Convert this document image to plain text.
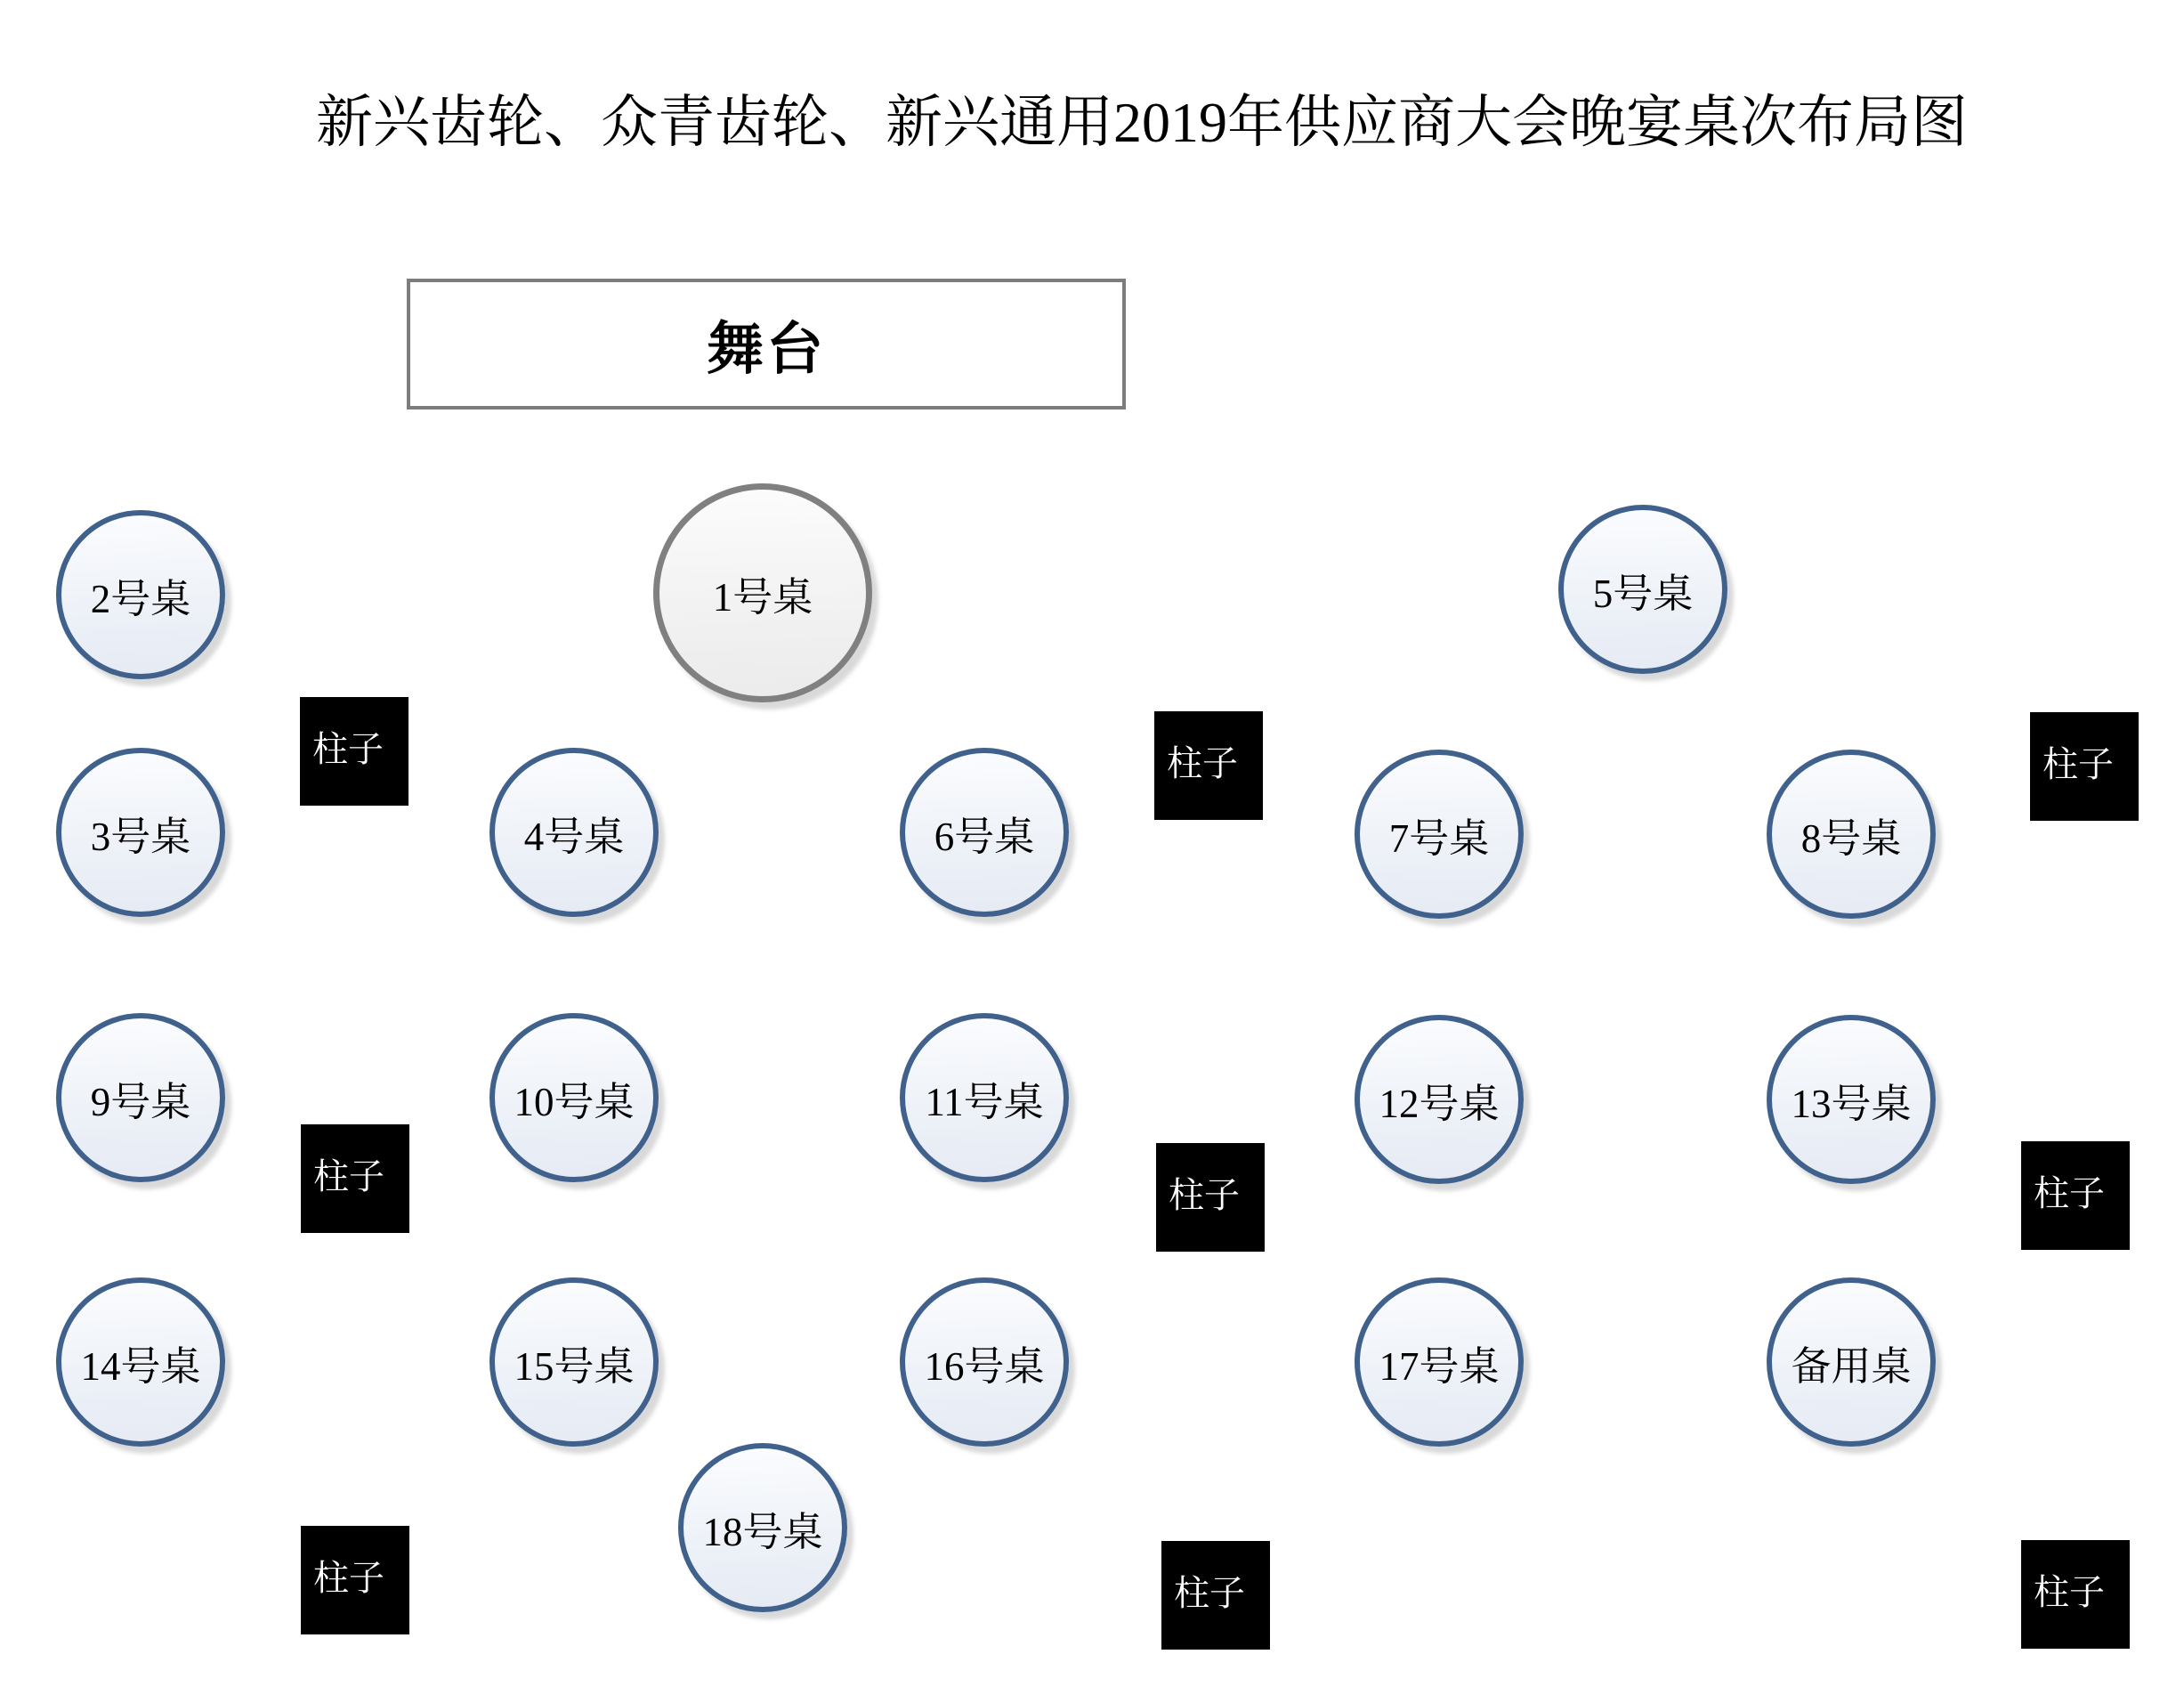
新兴齿轮、众青齿轮、新兴通用2019年供应商大会晚宴桌次布局图
舞台
1号桌
2号桌
3号桌	4号桌
5号桌
6号桌	7号桌	8号桌
9号桌	10号桌	11号桌	12号桌	13号桌
14号桌	15号桌	16号桌	17号桌	备用桌
18号桌
柱子	柱子	柱子
柱子	柱子	柱子
柱子	柱子	柱子
